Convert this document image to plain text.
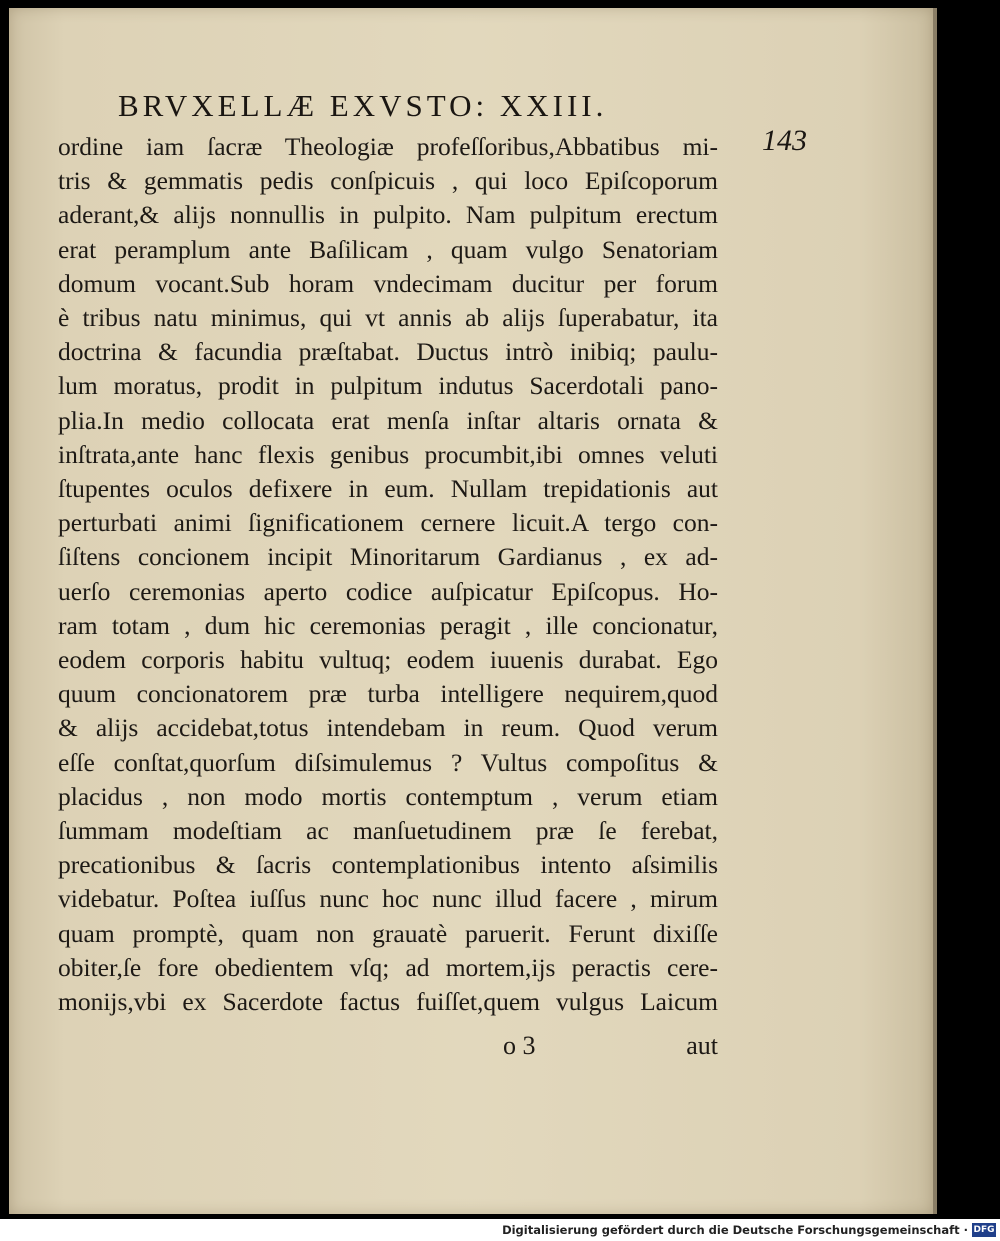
BRVXELLÆ EXVSTO: XXIII.
143
ordine iam ſacræ Theologiæ profeſſoribus,Abbatibus mi-
tris & gemmatis pedis conſpicuis , qui loco Epiſcoporum
aderant,& alijs nonnullis in pulpito. Nam pulpitum erectum
erat peramplum ante Baſilicam , quam vulgo Senatoriam
domum vocant.Sub horam vndecimam ducitur per forum
è tribus natu minimus, qui vt annis ab alijs ſuperabatur, ita
doctrina & facundia præſtabat. Ductus intrò inibiq; paulu-
lum moratus, prodit in pulpitum indutus Sacerdotali pano-
plia.In medio collocata erat menſa inſtar altaris ornata &
inſtrata,ante hanc flexis genibus procumbit,ibi omnes veluti
ſtupentes oculos defixere in eum. Nullam trepidationis aut
perturbati animi ſignificationem cernere licuit.A tergo con-
ſiſtens concionem incipit Minoritarum Gardianus , ex ad-
uerſo ceremonias aperto codice auſpicatur Epiſcopus. Ho-
ram totam , dum hic ceremonias peragit , ille concionatur,
eodem corporis habitu vultuq; eodem iuuenis durabat. Ego
quum concionatorem præ turba intelligere nequirem,quod
& alijs accidebat,totus intendebam in reum. Quod verum
eſſe conſtat,quorſum diſsimulemus ? Vultus compoſitus &
placidus , non modo mortis contemptum , verum etiam
ſummam modeſtiam ac manſuetudinem præ ſe ferebat,
precationibus & ſacris contemplationibus intento aſsimilis
videbatur. Poſtea iuſſus nunc hoc nunc illud facere , mirum
quam promptè, quam non grauatè paruerit. Ferunt dixiſſe
obiter,ſe fore obedientem vſq; ad mortem,ijs peractis cere-
monijs,vbi ex Sacerdote factus fuiſſet,quem vulgus Laicum
o 3	aut
Digitalisierung gefördert durch die Deutsche Forschungsgemeinschaft · DFG
